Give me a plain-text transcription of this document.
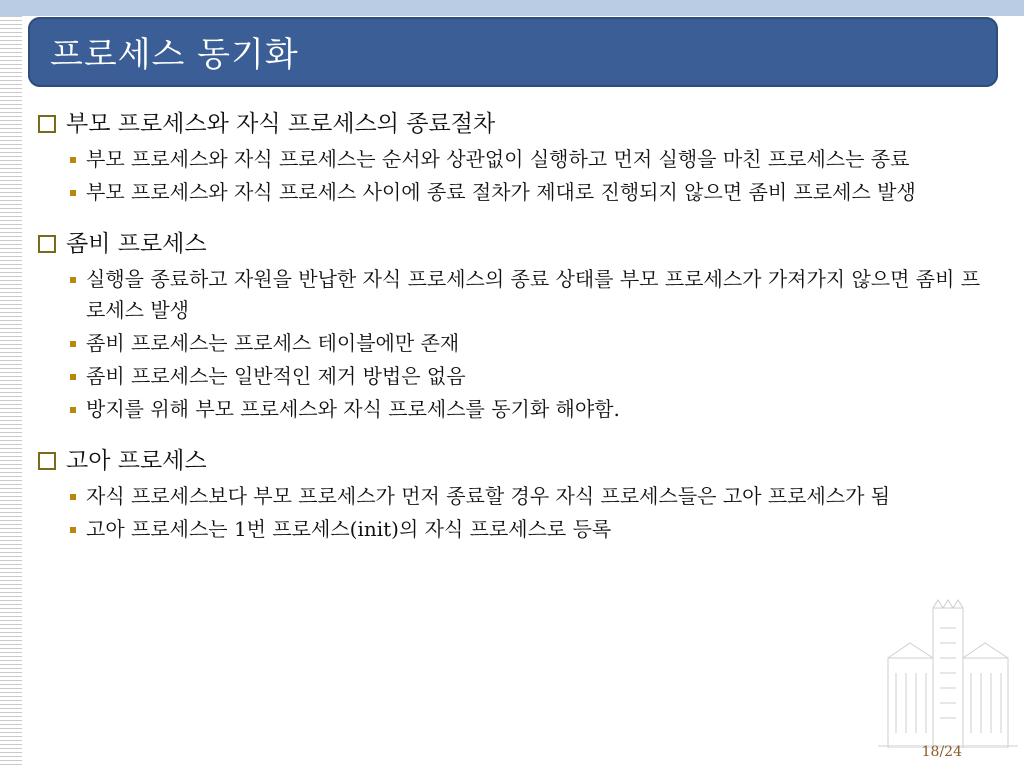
프로세스 동기화
부모 프로세스와 자식 프로세스의 종료절차
부모 프로세스와 자식 프로세스는 순서와 상관없이 실행하고 먼저 실행을 마친 프로세스는 종료
부모 프로세스와 자식 프로세스 사이에 종료 절차가 제대로 진행되지 않으면 좀비 프로세스 발생
좀비 프로세스
실행을 종료하고 자원을 반납한 자식 프로세스의 종료 상태를 부모 프로세스가 가져가지 않으면 좀비 프로세스 발생
좀비 프로세스는 프로세스 테이블에만 존재
좀비 프로세스는 일반적인 제거 방법은 없음
방지를 위해 부모 프로세스와 자식 프로세스를 동기화 해야함.
고아 프로세스
자식 프로세스보다 부모 프로세스가 먼저 종료할 경우 자식 프로세스들은 고아 프로세스가 됨
고아 프로세스는 1번 프로세스(init)의 자식 프로세스로 등록
18/24
